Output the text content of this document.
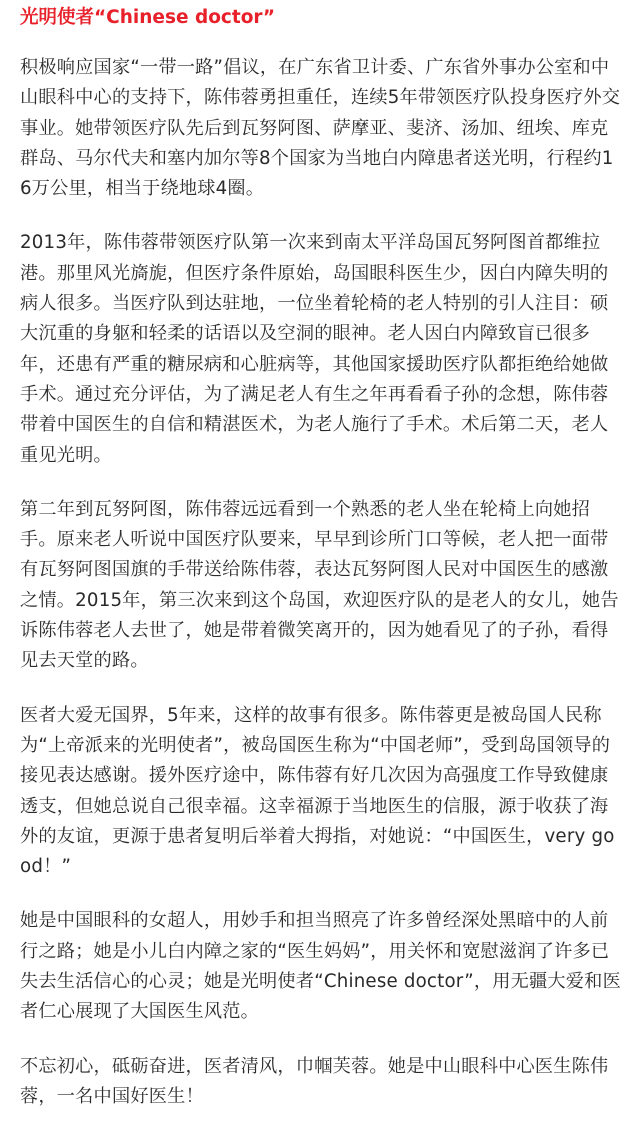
光明使者“Chinese doctor”

积极响应国家“一带一路”倡议，在广东省卫计委、广东省外事办公室和中山眼科中心的支持下，陈伟蓉勇担重任，连续5年带领医疗队投身医疗外交事业。她带领医疗队先后到瓦努阿图、萨摩亚、斐济、汤加、纽埃、库克群岛、马尔代夫和塞内加尔等8个国家为当地白内障患者送光明，行程约16万公里，相当于绕地球4圈。

2013年，陈伟蓉带领医疗队第一次来到南太平洋岛国瓦努阿图首都维拉港。那里风光旖旎，但医疗条件原始，岛国眼科医生少，因白内障失明的病人很多。当医疗队到达驻地，一位坐着轮椅的老人特别的引人注目：硕大沉重的身躯和轻柔的话语以及空洞的眼神。老人因白内障致盲已很多年，还患有严重的糖尿病和心脏病等，其他国家援助医疗队都拒绝给她做手术。通过充分评估，为了满足老人有生之年再看看子孙的念想，陈伟蓉带着中国医生的自信和精湛医术，为老人施行了手术。术后第二天，老人重见光明。

第二年到瓦努阿图，陈伟蓉远远看到一个熟悉的老人坐在轮椅上向她招手。原来老人听说中国医疗队要来，早早到诊所门口等候，老人把一面带有瓦努阿图国旗的手带送给陈伟蓉，表达瓦努阿图人民对中国医生的感激之情。2015年，第三次来到这个岛国，欢迎医疗队的是老人的女儿，她告诉陈伟蓉老人去世了，她是带着微笑离开的，因为她看见了的子孙，看得见去天堂的路。

医者大爱无国界，5年来，这样的故事有很多。陈伟蓉更是被岛国人民称为“上帝派来的光明使者”，被岛国医生称为“中国老师”，受到岛国领导的接见表达感谢。援外医疗途中，陈伟蓉有好几次因为高强度工作导致健康透支，但她总说自己很幸福。这幸福源于当地医生的信服，源于收获了海外的友谊，更源于患者复明后举着大拇指，对她说：“中国医生，very good！”

她是中国眼科的女超人，用妙手和担当照亮了许多曾经深处黑暗中的人前行之路；她是小儿白内障之家的“医生妈妈”，用关怀和宽慰滋润了许多已失去生活信心的心灵；她是光明使者“Chinese doctor”，用无疆大爱和医者仁心展现了大国医生风范。

不忘初心，砥砺奋进，医者清风，巾帼芙蓉。她是中山眼科中心医生陈伟蓉，一名中国好医生！
